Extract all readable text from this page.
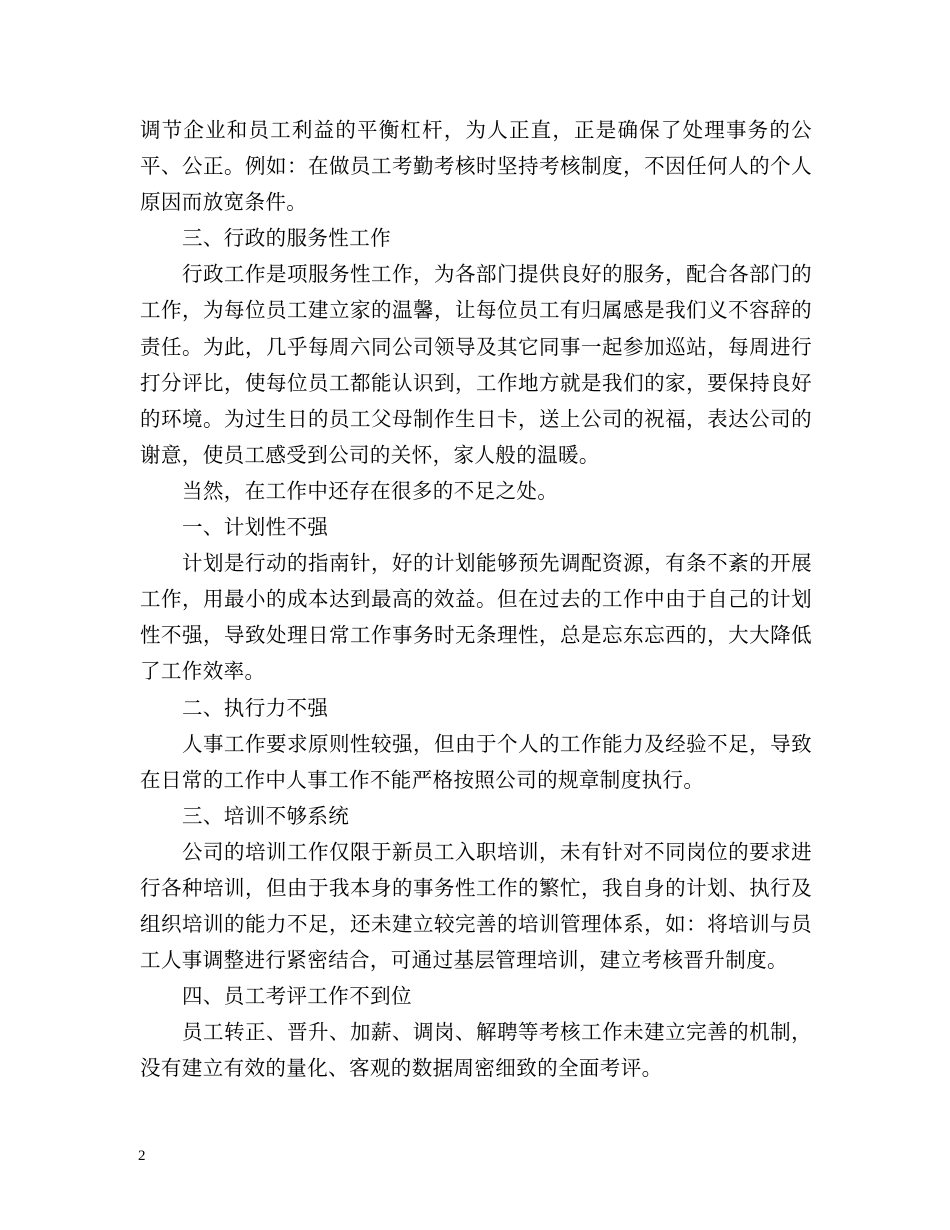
调节企业和员工利益的平衡杠杆，为人正直，正是确保了处理事务的公平、公正。例如：在做员工考勤考核时坚持考核制度，不因任何人的个人原因而放宽条件。

三、行政的服务性工作

行政工作是项服务性工作，为各部门提供良好的服务，配合各部门的工作，为每位员工建立家的温馨，让每位员工有归属感是我们义不容辞的责任。为此，几乎每周六同公司领导及其它同事一起参加巡站，每周进行打分评比，使每位员工都能认识到，工作地方就是我们的家，要保持良好的环境。为过生日的员工父母制作生日卡，送上公司的祝福，表达公司的谢意，使员工感受到公司的关怀，家人般的温暖。

当然，在工作中还存在很多的不足之处。

一、计划性不强

计划是行动的指南针，好的计划能够预先调配资源，有条不紊的开展工作，用最小的成本达到最高的效益。但在过去的工作中由于自己的计划性不强，导致处理日常工作事务时无条理性，总是忘东忘西的，大大降低了工作效率。

二、执行力不强

人事工作要求原则性较强，但由于个人的工作能力及经验不足，导致在日常的工作中人事工作不能严格按照公司的规章制度执行。

三、培训不够系统

公司的培训工作仅限于新员工入职培训，未有针对不同岗位的要求进行各种培训，但由于我本身的事务性工作的繁忙，我自身的计划、执行及组织培训的能力不足，还未建立较完善的培训管理体系，如：将培训与员工人事调整进行紧密结合，可通过基层管理培训，建立考核晋升制度。

四、员工考评工作不到位

员工转正、晋升、加薪、调岗、解聘等考核工作未建立完善的机制，没有建立有效的量化、客观的数据周密细致的全面考评。

2
